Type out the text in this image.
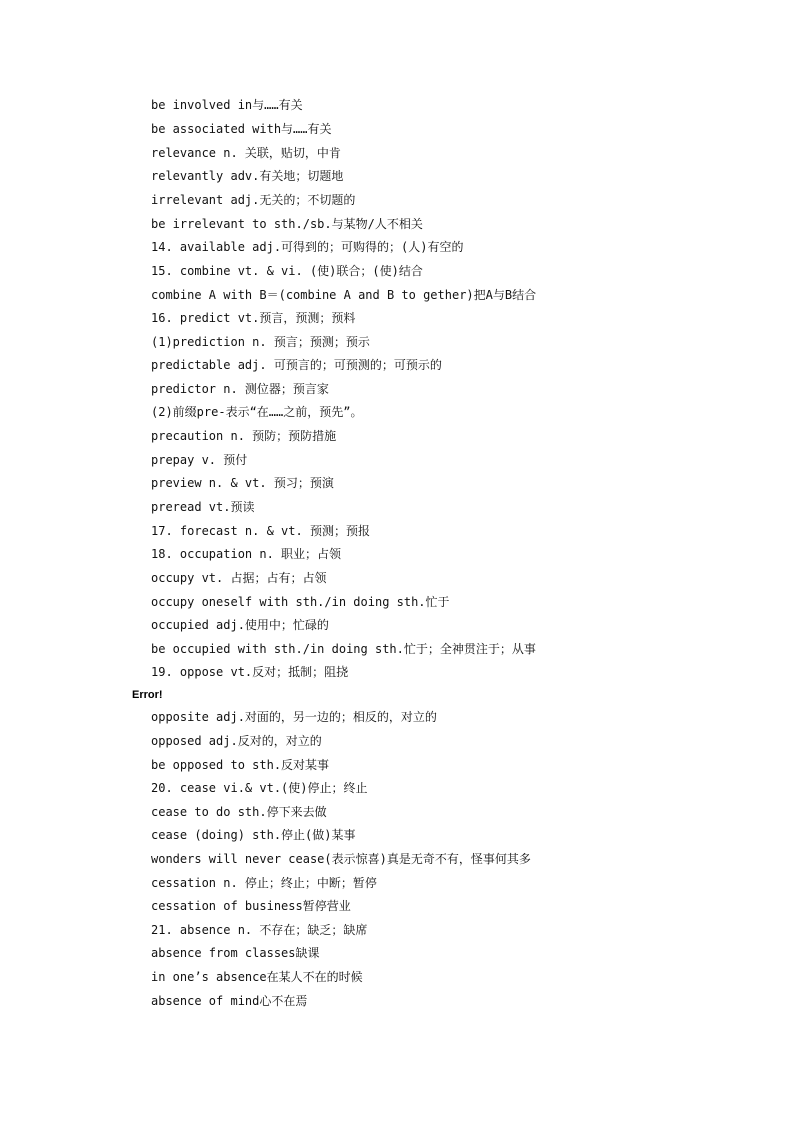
be involved in与……有关
be associated with与……有关
relevance n. 关联，贴切，中肯
relevantly adv.有关地；切题地
irrelevant adj.无关的；不切题的
be irrelevant to sth./sb.与某物/人不相关
14. available adj.可得到的；可购得的；(人)有空的
15. combine vt. & vi. (使)联合；(使)结合
combine A with B＝(combine A and B to gether)把A与B结合
16. predict vt.预言，预测；预料
(1)prediction n. 预言；预测；预示
predictable adj. 可预言的；可预测的；可预示的
predictor n. 测位器；预言家
(2)前缀pre-表示“在……之前，预先”。
precaution n. 预防；预防措施
prepay v. 预付
preview n. & vt. 预习；预演
preread vt.预读
17. forecast n. & vt. 预测；预报
18. occupation n. 职业；占领
occupy vt. 占据；占有；占领
occupy oneself with sth./in doing sth.忙于
occupied adj.使用中；忙碌的
be occupied with sth./in doing sth.忙于；全神贯注于；从事
19. oppose vt.反对；抵制；阻挠
Error!
opposite adj.对面的，另一边的；相反的，对立的
opposed adj.反对的，对立的
be opposed to sth.反对某事
20. cease vi.& vt.(使)停止；终止
cease to do sth.停下来去做
cease (doing) sth.停止(做)某事
wonders will never cease(表示惊喜)真是无奇不有，怪事何其多
cessation n. 停止；终止；中断；暂停
cessation of business暂停营业
21. absence n. 不存在；缺乏；缺席
absence from classes缺课
in one’s absence在某人不在的时候
absence of mind心不在焉
